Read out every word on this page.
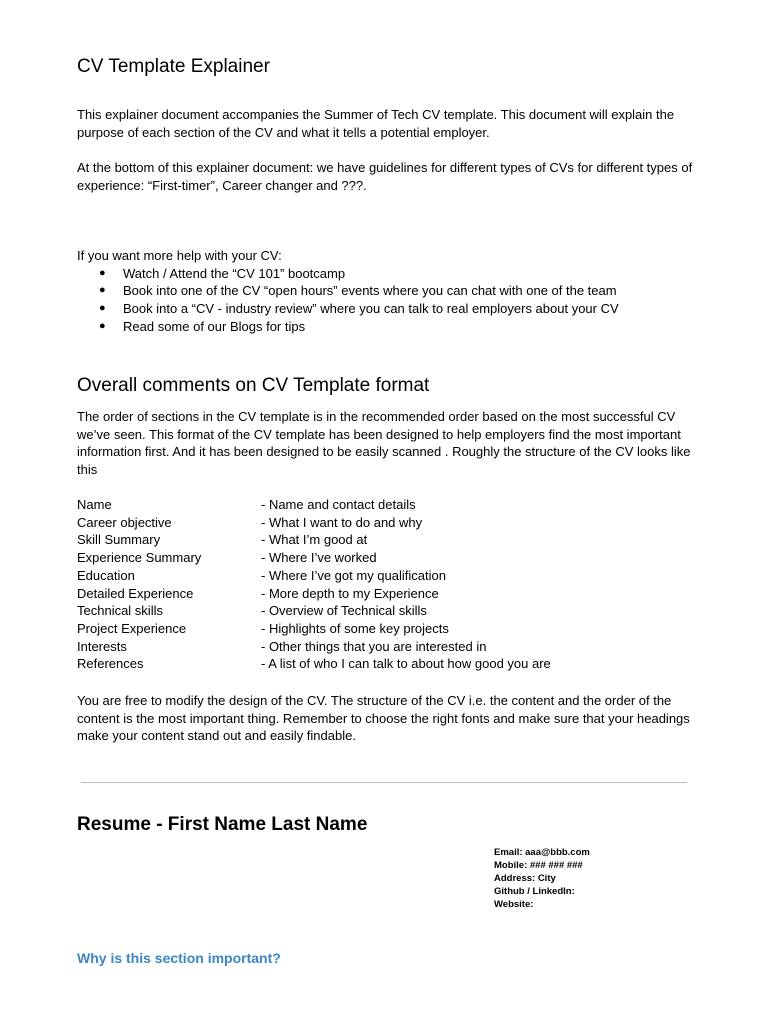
CV Template Explainer

This explainer document accompanies the Summer of Tech CV template. This document will explain the purpose of each section of the CV and what it tells a potential employer.

At the bottom of this explainer document: we have guidelines for different types of CVs for different types of experience: “First-timer”, Career changer and ???.

If you want more help with your CV:

● Watch / Attend the “CV 101” bootcamp
● Book into one of the CV “open hours” events where you can chat with one of the team
● Book into a “CV - industry review” where you can talk to real employers about your CV
● Read some of our Blogs for tips
Overall comments on CV Template format

The order of sections in the CV template is in the recommended order based on the most successful CV we’ve seen. This format of the CV template has been designed to help employers find the most important information first. And it has been designed to be easily scanned . Roughly the structure of the CV looks like this

Name	- Name and contact details
Career objective	- What I want to do and why
Skill Summary	- What I’m good at
Experience Summary	- Where I’ve worked
Education	- Where I’ve got my qualification
Detailed Experience	- More depth to my Experience
Technical skills	- Overview of Technical skills
Project Experience	- Highlights of some key projects
Interests	- Other things that you are interested in
References	- A list of who I can talk to about how good you are

You are free to modify the design of the CV. The structure of the CV i.e. the content and the order of the content is the most important thing. Remember to choose the right fonts and make sure that your headings make your content stand out and easily findable.

Resume - First Name Last Name
Email: aaa@bbb.com
Mobile: ### ### ###
Address: City
Github / LinkedIn:
Website:
Why is this section important?
